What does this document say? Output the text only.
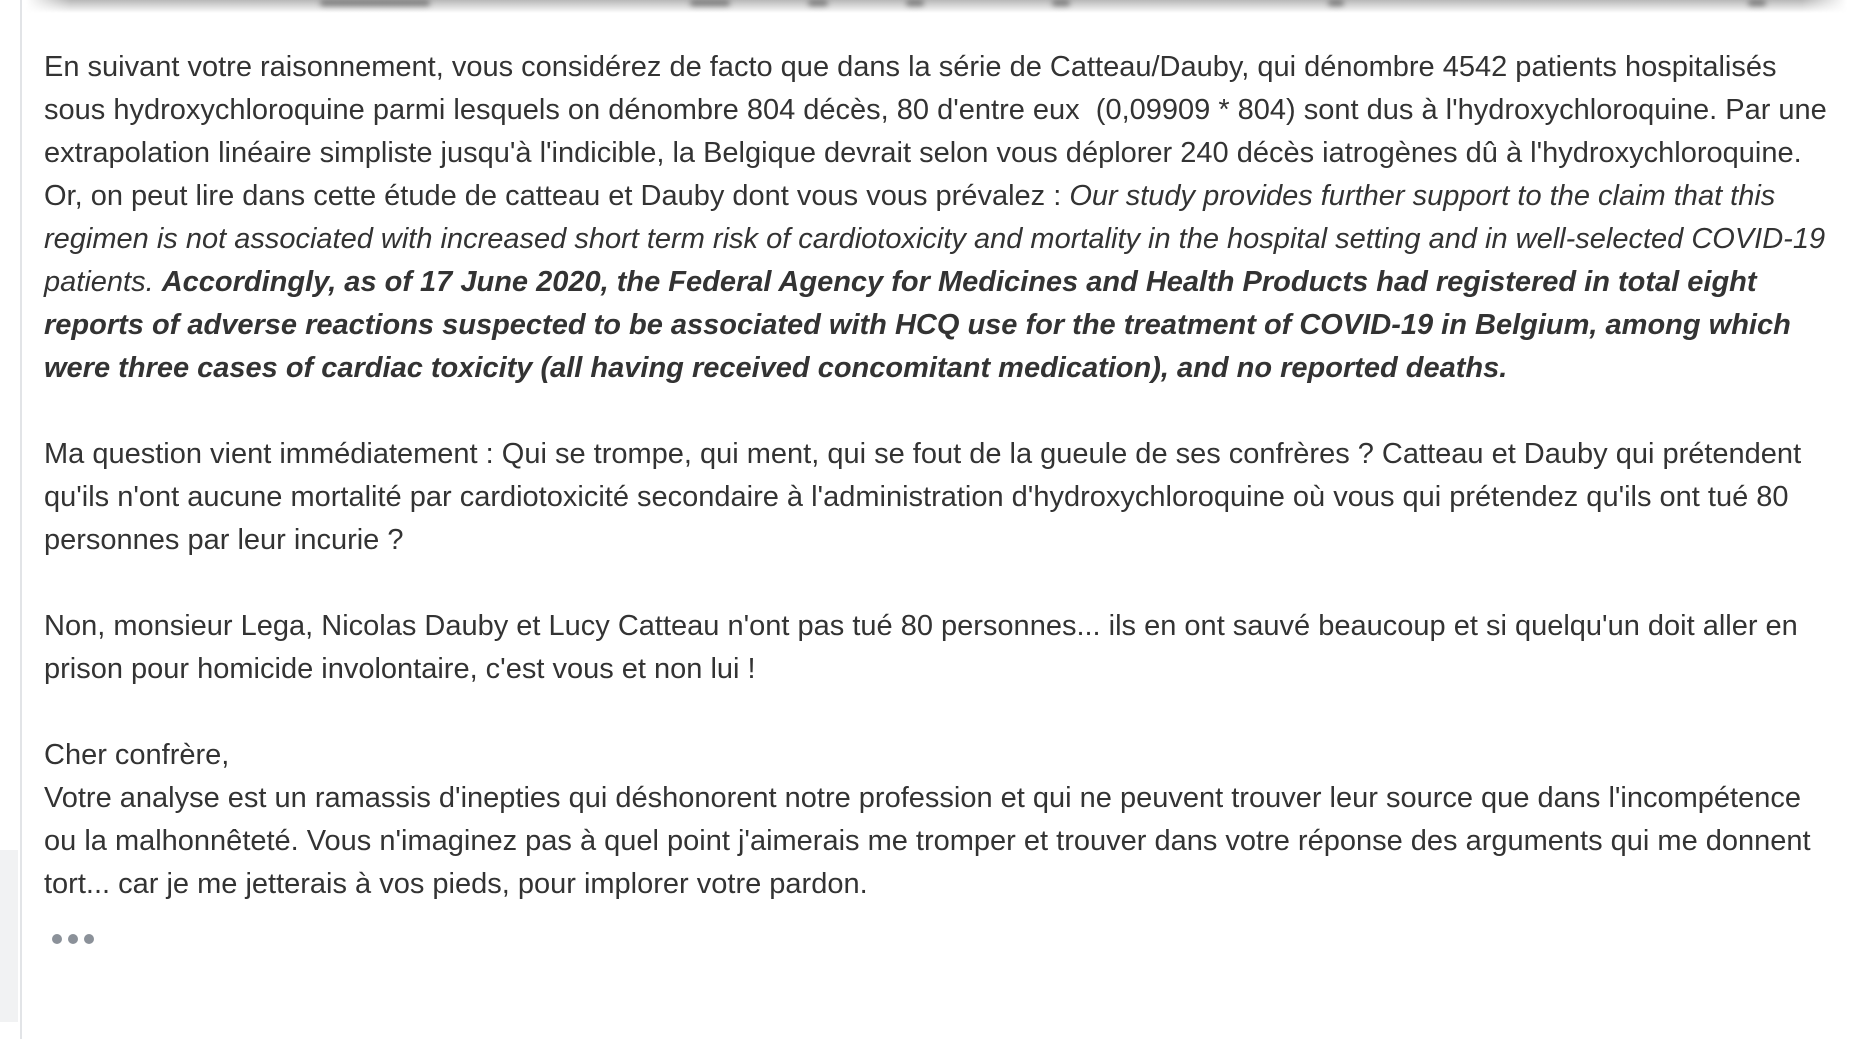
En suivant votre raisonnement, vous considérez de facto que dans la série de Catteau/Dauby, qui dénombre 4542 patients hospitalisés sous hydroxychloroquine parmi lesquels on dénombre 804 décès, 80 d'entre eux  (0,09909 * 804) sont dus à l'hydroxychloroquine. Par une extrapolation linéaire simpliste jusqu'à l'indicible, la Belgique devrait selon vous déplorer 240 décès iatrogènes dû à l'hydroxychloroquine.

Or, on peut lire dans cette étude de catteau et Dauby dont vous vous prévalez : Our study provides further support to the claim that this regimen is not associated with increased short term risk of cardiotoxicity and mortality in the hospital setting and in well-selected COVID-19 patients. Accordingly, as of 17 June 2020, the Federal Agency for Medicines and Health Products had registered in total eight reports of adverse reactions suspected to be associated with HCQ use for the treatment of COVID-19 in Belgium, among which were three cases of cardiac toxicity (all having received concomitant medication), and no reported deaths.

Ma question vient immédiatement : Qui se trompe, qui ment, qui se fout de la gueule de ses confrères ? Catteau et Dauby qui prétendent qu'ils n'ont aucune mortalité par cardiotoxicité secondaire à l'administration d'hydroxychloroquine où vous qui prétendez qu'ils ont tué 80 personnes par leur incurie ?

Non, monsieur Lega, Nicolas Dauby et Lucy Catteau n'ont pas tué 80 personnes... ils en ont sauvé beaucoup et si quelqu'un doit aller en prison pour homicide involontaire, c'est vous et non lui !

Cher confrère,
Votre analyse est un ramassis d'inepties qui déshonorent notre profession et qui ne peuvent trouver leur source que dans l'incompétence ou la malhonnêteté. Vous n'imaginez pas à quel point j'aimerais me tromper et trouver dans votre réponse des arguments qui me donnent tort... car je me jetterais à vos pieds, pour implorer votre pardon.
